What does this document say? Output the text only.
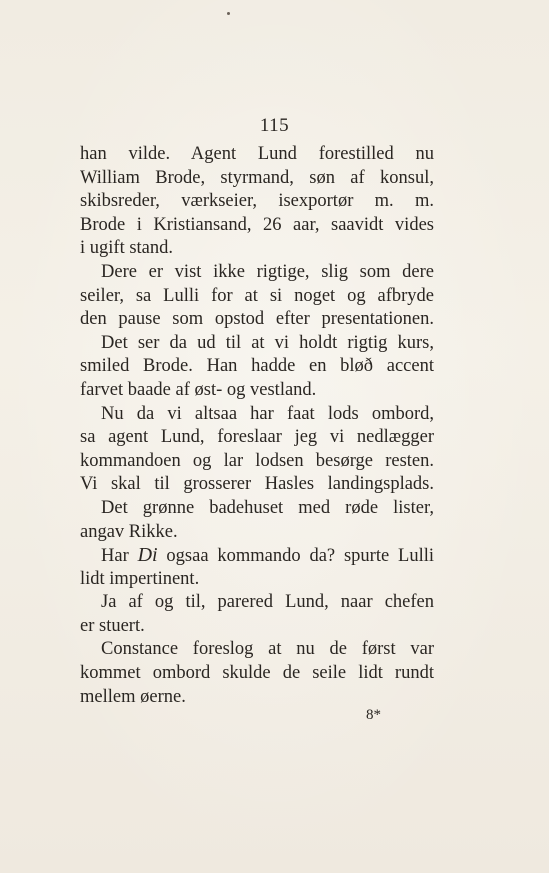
115
han vilde. Agent Lund forestilled nu
William Brode, styrmand, søn af konsul,
skibsreder, værkseier, isexportør m. m.
Brode i Kristiansand, 26 aar, saavidt vides
i ugift stand.
Dere er vist ikke rigtige, slig som dere
seiler, sa Lulli for at si noget og afbryde
den pause som opstod efter presentationen.
Det ser da ud til at vi holdt rigtig kurs,
smiled Brode. Han hadde en bløð accent
farvet baade af øst- og vestland.
Nu da vi altsaa har faat lods ombord,
sa agent Lund, foreslaar jeg vi nedlægger
kommandoen og lar lodsen besørge resten.
Vi skal til grosserer Hasles landingsplads.
Det grønne badehuset med røde lister,
angav Rikke.
Har Di ogsaa kommando da? spurte Lulli
lidt impertinent.
Ja af og til, parered Lund, naar chefen
er stuert.
Constance foreslog at nu de først var
kommet ombord skulde de seile lidt rundt
mellem øerne.
8*
